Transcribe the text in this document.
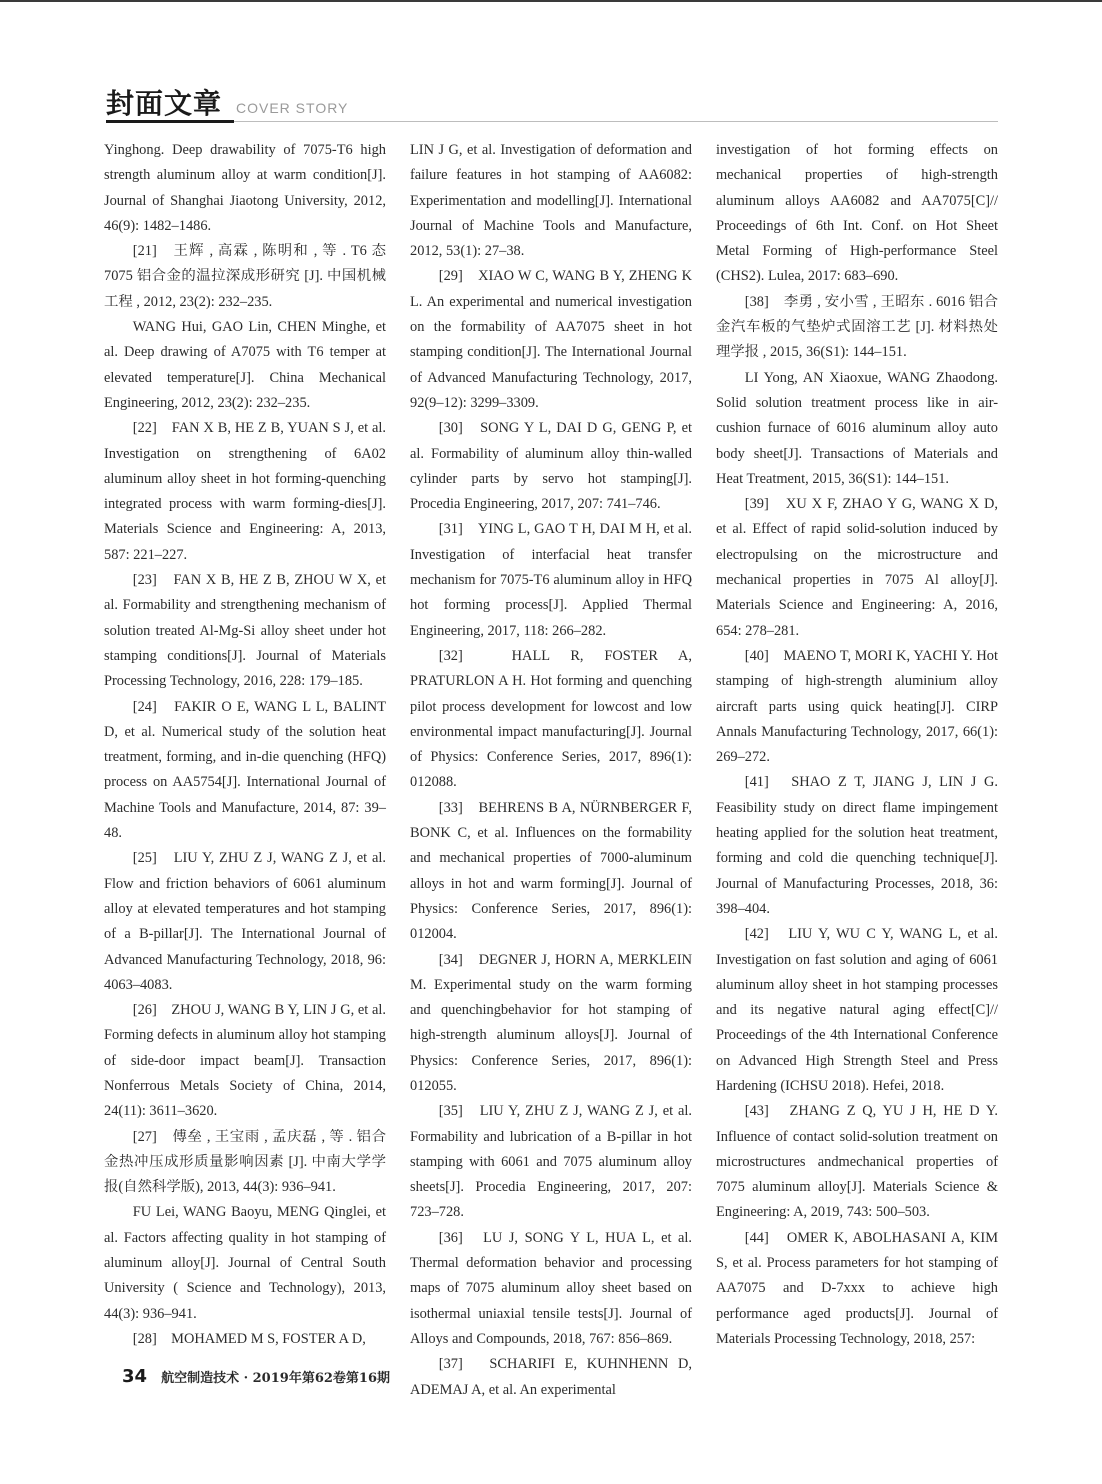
封面文章 COVER STORY

Yinghong. Deep drawability of 7075-T6 high strength aluminum alloy at warm condition[J]. Journal of Shanghai Jiaotong University, 2012, 46(9): 1482–1486.

[21]　王辉 , 高霖 , 陈明和 , 等 . T6 态 7075 铝合金的温拉深成形研究 [J]. 中国机械工程 , 2012, 23(2): 232–235.

WANG Hui, GAO Lin, CHEN Minghe, et al. Deep drawing of A7075 with T6 temper at elevated temperature[J]. China Mechanical Engineering, 2012, 23(2): 232–235.

[22]　FAN X B, HE Z B, YUAN S J, et al. Investigation on strengthening of 6A02 aluminum alloy sheet in hot forming-quenching integrated process with warm forming-dies[J]. Materials Science and Engineering: A, 2013, 587: 221–227.

[23]　FAN X B, HE Z B, ZHOU W X, et al. Formability and strengthening mechanism of solution treated Al-Mg-Si alloy sheet under hot stamping conditions[J]. Journal of Materials Processing Technology, 2016, 228: 179–185.

[24]　FAKIR O E, WANG L L, BALINT D, et al. Numerical study of the solution heat treatment, forming, and in-die quenching (HFQ) process on AA5754[J]. International Journal of Machine Tools and Manufacture, 2014, 87: 39–48.

[25]　LIU Y, ZHU Z J, WANG Z J, et al. Flow and friction behaviors of 6061 aluminum alloy at elevated temperatures and hot stamping of a B-pillar[J]. The International Journal of Advanced Manufacturing Technology, 2018, 96: 4063–4083.

[26]　ZHOU J, WANG B Y, LIN J G, et al. Forming defects in aluminum alloy hot stamping of side-door impact beam[J]. Transaction Nonferrous Metals Society of China, 2014, 24(11): 3611–3620.

[27]　傅垒 , 王宝雨 , 孟庆磊 , 等 . 铝合金热冲压成形质量影响因素 [J]. 中南大学学报(自然科学版), 2013, 44(3): 936–941.

FU Lei, WANG Baoyu, MENG Qinglei, et al. Factors affecting quality in hot stamping of aluminum alloy[J]. Journal of Central South University ( Science and Technology), 2013, 44(3): 936–941.

[28]　MOHAMED M S, FOSTER A D,

LIN J G, et al. Investigation of deformation and failure features in hot stamping of AA6082: Experimentation and modelling[J]. International Journal of Machine Tools and Manufacture, 2012, 53(1): 27–38.

[29]　XIAO W C, WANG B Y, ZHENG K L. An experimental and numerical investigation on the formability of AA7075 sheet in hot stamping condition[J]. The International Journal of Advanced Manufacturing Technology, 2017, 92(9–12): 3299–3309.

[30]　SONG Y L, DAI D G, GENG P, et al. Formability of aluminum alloy thin-walled cylinder parts by servo hot stamping[J]. Procedia Engineering, 2017, 207: 741–746.

[31]　YING L, GAO T H, DAI M H, et al. Investigation of interfacial heat transfer mechanism for 7075-T6 aluminum alloy in HFQ hot forming process[J]. Applied Thermal Engineering, 2017, 118: 266–282.

[32]　HALL R, FOSTER A, PRATURLON A H. Hot forming and quenching pilot process development for lowcost and low environmental impact manufacturing[J]. Journal of Physics: Conference Series, 2017, 896(1): 012088.

[33]　BEHRENS B A, NÜRNBERGER F, BONK C, et al. Influences on the formability and mechanical properties of 7000-aluminum alloys in hot and warm forming[J]. Journal of Physics: Conference Series, 2017, 896(1): 012004.

[34]　DEGNER J, HORN A, MERKLEIN M. Experimental study on the warm forming and quenchingbehavior for hot stamping of high-strength aluminum alloys[J]. Journal of Physics: Conference Series, 2017, 896(1): 012055.

[35]　LIU Y, ZHU Z J, WANG Z J, et al. Formability and lubrication of a B-pillar in hot stamping with 6061 and 7075 aluminum alloy sheets[J]. Procedia Engineering, 2017, 207: 723–728.

[36]　LU J, SONG Y L, HUA L, et al. Thermal deformation behavior and processing maps of 7075 aluminum alloy sheet based on isothermal uniaxial tensile tests[J]. Journal of Alloys and Compounds, 2018, 767: 856–869.

[37]　SCHARIFI E, KUHNHENN D, ADEMAJ A, et al. An experimental

investigation of hot forming effects on mechanical properties of high-strength aluminum alloys AA6082 and AA7075[C]// Proceedings of 6th Int. Conf. on Hot Sheet Metal Forming of High-performance Steel (CHS2). Lulea, 2017: 683–690.

[38]　李勇 , 安小雪 , 王昭东 . 6016 铝合金汽车板的气垫炉式固溶工艺 [J]. 材料热处理学报 , 2015, 36(S1): 144–151.

LI Yong, AN Xiaoxue, WANG Zhaodong. Solid solution treatment process like in air-cushion furnace of 6016 aluminum alloy auto body sheet[J]. Transactions of Materials and Heat Treatment, 2015, 36(S1): 144–151.

[39]　XU X F, ZHAO Y G, WANG X D, et al. Effect of rapid solid-solution induced by electropulsing on the microstructure and mechanical properties in 7075 Al alloy[J]. Materials Science and Engineering: A, 2016, 654: 278–281.

[40]　MAENO T, MORI K, YACHI Y. Hot stamping of high-strength aluminium alloy aircraft parts using quick heating[J]. CIRP Annals Manufacturing Technology, 2017, 66(1): 269–272.

[41]　SHAO Z T, JIANG J, LIN J G. Feasibility study on direct flame impingement heating applied for the solution heat treatment, forming and cold die quenching technique[J]. Journal of Manufacturing Processes, 2018, 36: 398–404.

[42]　LIU Y, WU C Y, WANG L, et al. Investigation on fast solution and aging of 6061 aluminum alloy sheet in hot stamping processes and its negative natural aging effect[C]// Proceedings of the 4th International Conference on Advanced High Strength Steel and Press Hardening (ICHSU 2018). Hefei, 2018.

[43]　ZHANG Z Q, YU J H, HE D Y. Influence of contact solid-solution treatment on microstructures andmechanical properties of 7075 aluminum alloy[J]. Materials Science & Engineering: A, 2019, 743: 500–503.

[44]　OMER K, ABOLHASANI A, KIM S, et al. Process parameters for hot stamping of AA7075 and D-7xxx to achieve high performance aged products[J]. Journal of Materials Processing Technology, 2018, 257:

34 航空制造技术 · 2019年第62卷第16期
